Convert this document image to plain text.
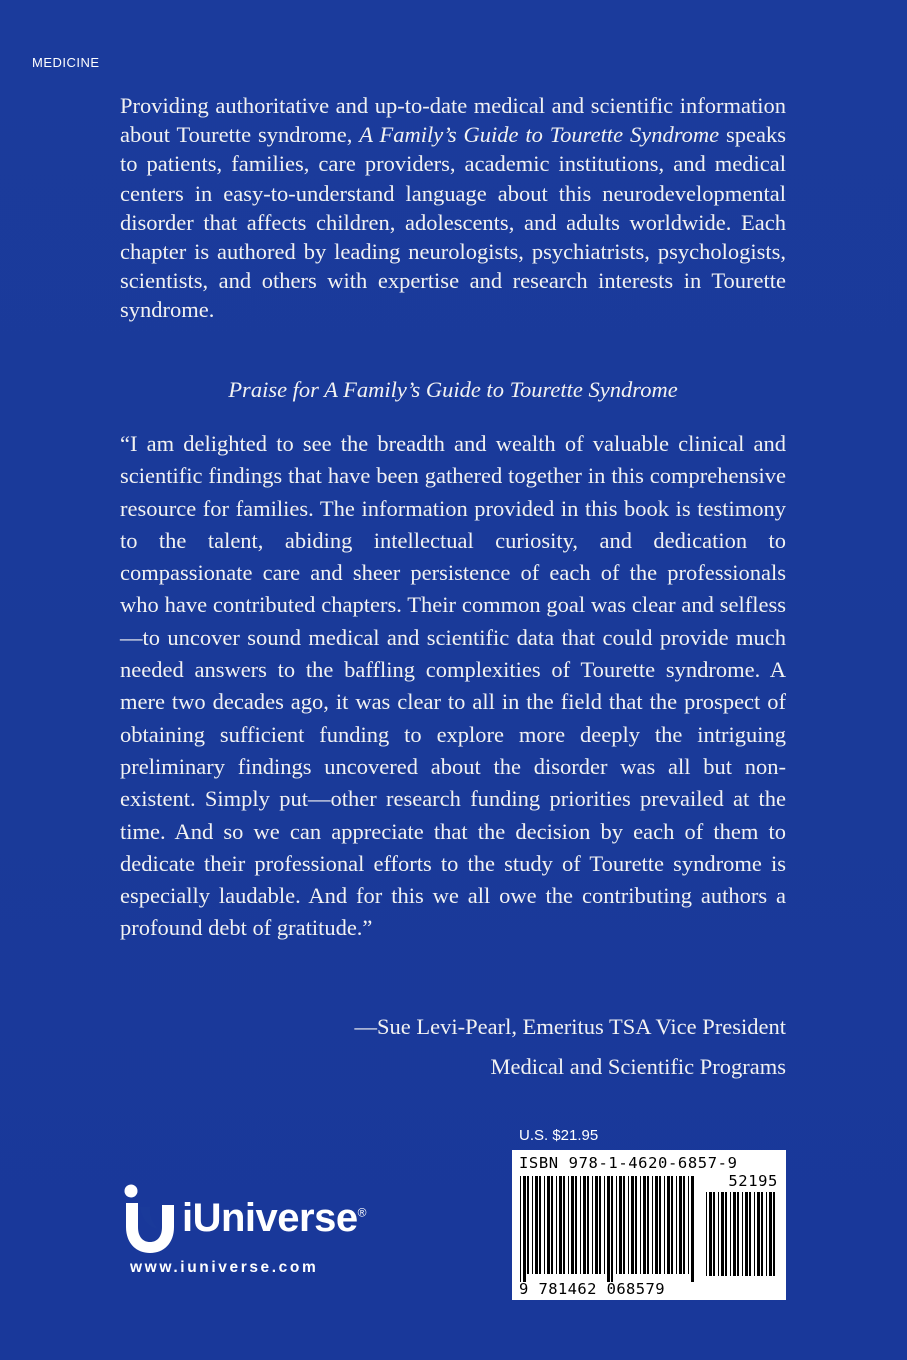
MEDICINE

Providing authoritative and up-to-date medical and scientific information about Tourette syndrome, A Family’s Guide to Tourette Syndrome speaks to patients, families, care providers, academic institutions, and medical centers in easy-to-understand language about this neurodevelopmental disorder that affects children, adolescents, and adults worldwide. Each chapter is authored by leading neurologists, psychiatrists, psychologists, scientists, and others with expertise and research interests in Tourette syndrome.

Praise for A Family’s Guide to Tourette Syndrome

“I am delighted to see the breadth and wealth of valuable clinical and scientific findings that have been gathered together in this comprehensive resource for families. The information provided in this book is testimony to the talent, abiding intellectual curiosity, and dedication to compassionate care and sheer persistence of each of the professionals who have contributed chapters. Their common goal was clear and selfless—to uncover sound medical and scientific data that could provide much needed answers to the baffling complexities of Tourette syndrome. A mere two decades ago, it was clear to all in the field that the prospect of obtaining sufficient funding to explore more deeply the intriguing preliminary findings uncovered about the disorder was all but non-existent. Simply put—other research funding priorities prevailed at the time. And so we can appreciate that the decision by each of them to dedicate their professional efforts to the study of Tourette syndrome is especially laudable. And for this we all owe the contributing authors a profound debt of gratitude.”

—Sue Levi-Pearl, Emeritus TSA Vice President
Medical and Scientific Programs
iUniverse®
www.iuniverse.com
U.S. $21.95
ISBN 978-1-4620-6857-9
52195
9 781462 068579
